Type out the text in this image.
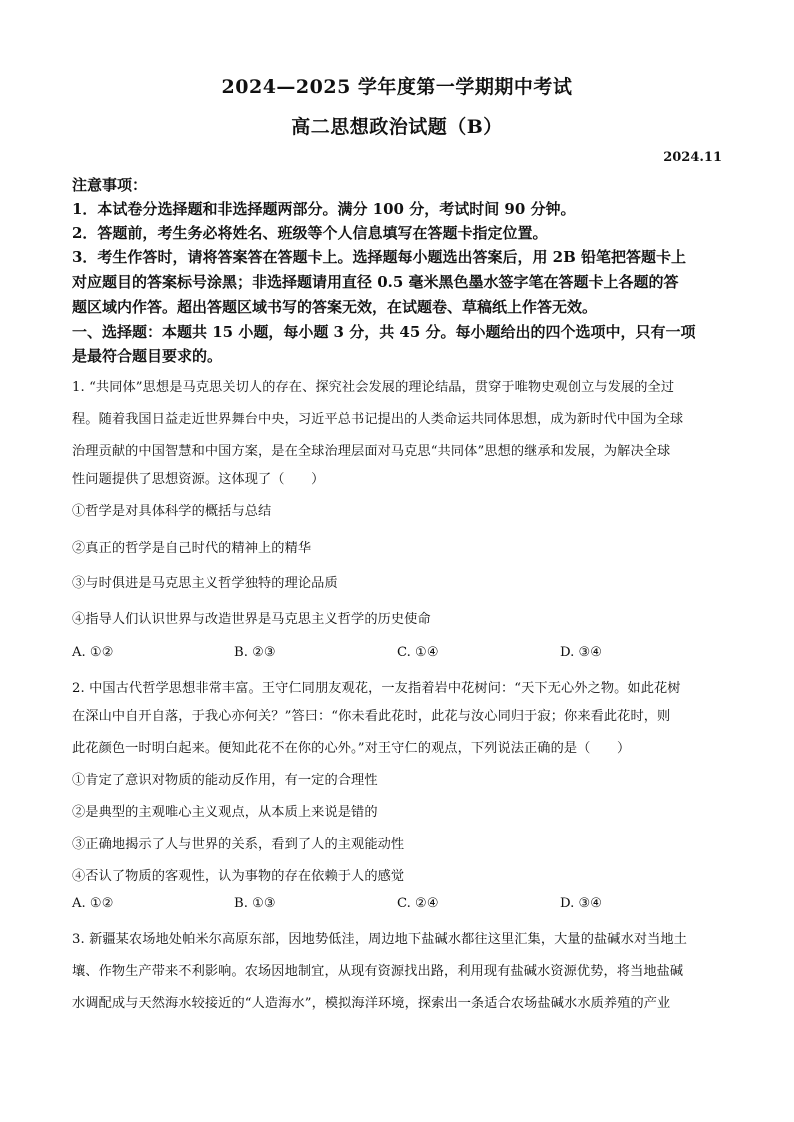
2024—2025 学年度第一学期期中考试
高二思想政治试题（B）
2024.11
注意事项：
1．本试卷分选择题和非选择题两部分。满分 100 分，考试时间 90 分钟。
2．答题前，考生务必将姓名、班级等个人信息填写在答题卡指定位置。
3．考生作答时，请将答案答在答题卡上。选择题每小题选出答案后，用 2B 铅笔把答题卡上
对应题目的答案标号涂黑；非选择题请用直径 0.5 毫米黑色墨水签字笔在答题卡上各题的答
题区域内作答。超出答题区域书写的答案无效，在试题卷、草稿纸上作答无效。
一、选择题：本题共 15 小题，每小题 3 分，共 45 分。每小题给出的四个选项中，只有一项
是最符合题目要求的。
1. “共同体”思想是马克思关切人的存在、探究社会发展的理论结晶，贯穿于唯物史观创立与发展的全过
程。随着我国日益走近世界舞台中央，习近平总书记提出的人类命运共同体思想，成为新时代中国为全球
治理贡献的中国智慧和中国方案，是在全球治理层面对马克思“共同体”思想的继承和发展，为解决全球
性问题提供了思想资源。这体现了（　　）
①哲学是对具体科学的概括与总结
②真正的哲学是自己时代的精神上的精华
③与时俱进是马克思主义哲学独特的理论品质
④指导人们认识世界与改造世界是马克思主义哲学的历史使命
A. ①②	B. ②③	C. ①④	D. ③④
2. 中国古代哲学思想非常丰富。王守仁同朋友观花，一友指着岩中花树问：“天下无心外之物。如此花树
在深山中自开自落，于我心亦何关？”答曰：“你未看此花时，此花与汝心同归于寂；你来看此花时，则
此花颜色一时明白起来。便知此花不在你的心外。”对王守仁的观点，下列说法正确的是（　　）
①肯定了意识对物质的能动反作用，有一定的合理性
②是典型的主观唯心主义观点，从本质上来说是错的
③正确地揭示了人与世界的关系，看到了人的主观能动性
④否认了物质的客观性，认为事物的存在依赖于人的感觉
A. ①②	B. ①③	C. ②④	D. ③④
3. 新疆某农场地处帕米尔高原东部，因地势低洼，周边地下盐碱水都往这里汇集，大量的盐碱水对当地土
壤、作物生产带来不利影响。农场因地制宜，从现有资源找出路，利用现有盐碱水资源优势，将当地盐碱
水调配成与天然海水较接近的“人造海水”，模拟海洋环境，探索出一条适合农场盐碱水水质养殖的产业
